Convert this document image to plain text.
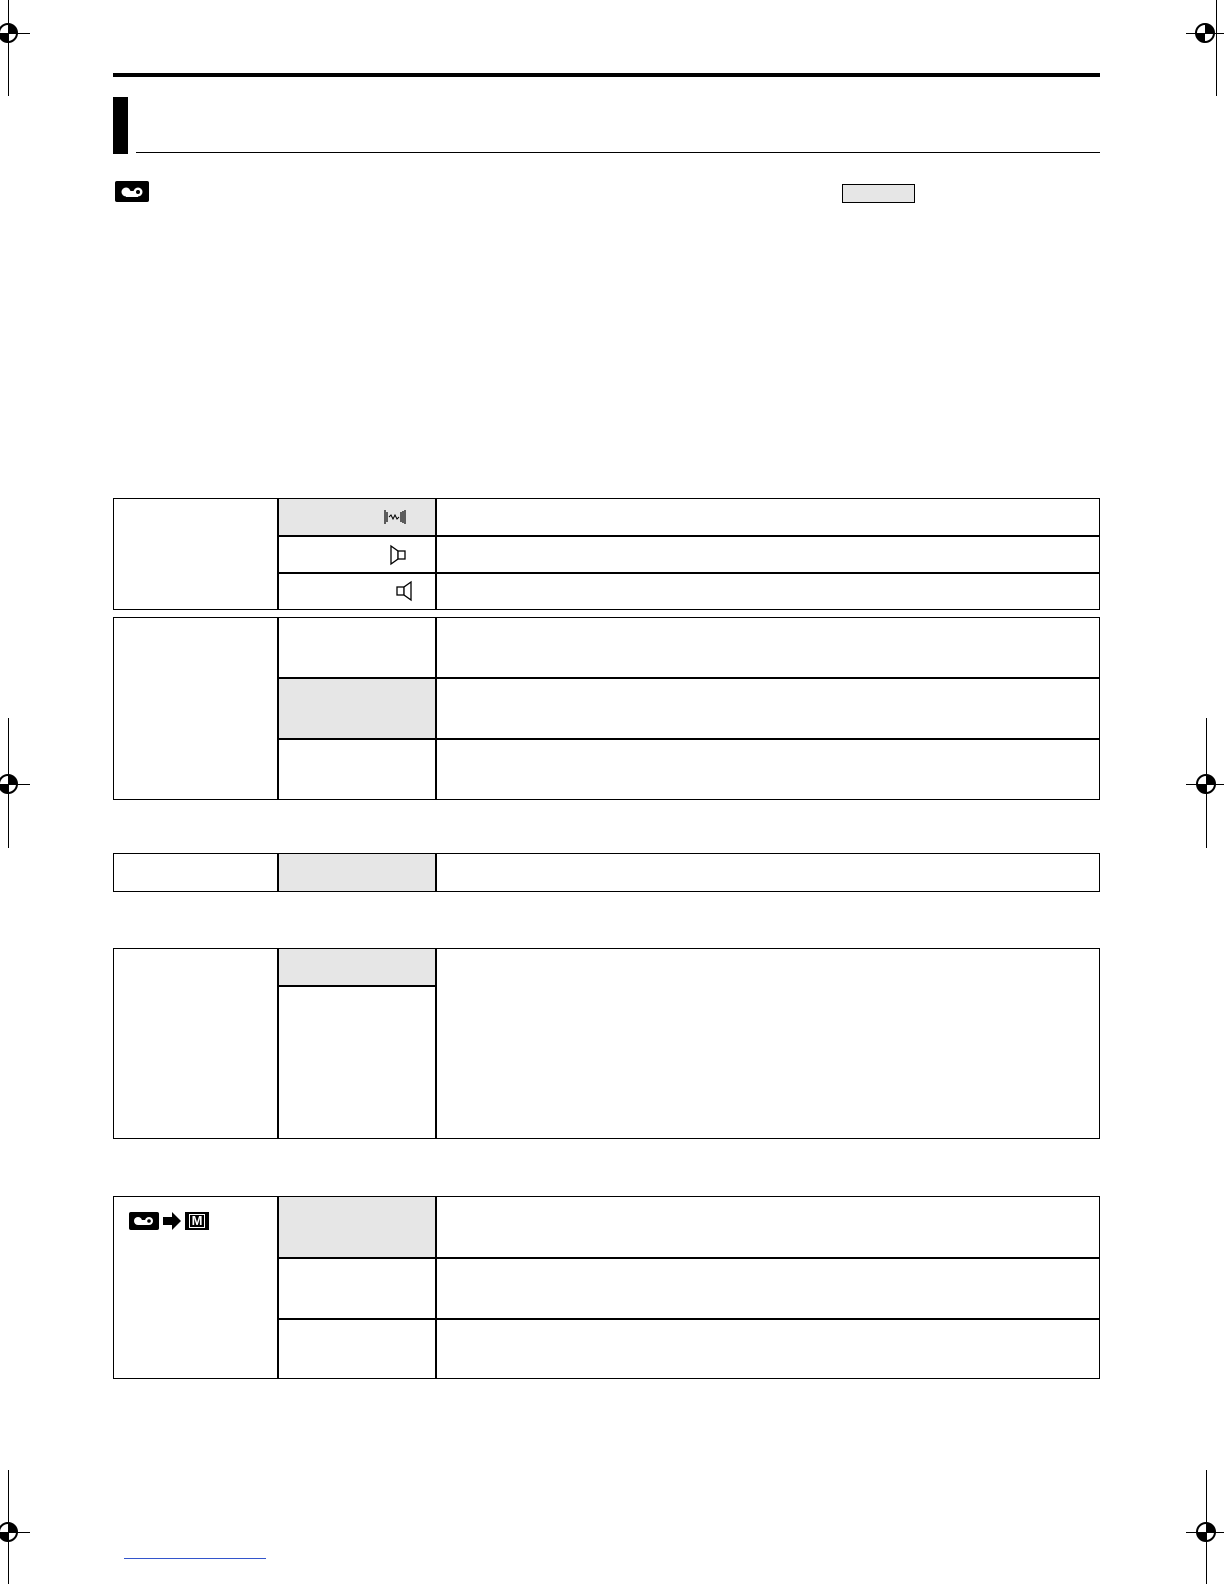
M
